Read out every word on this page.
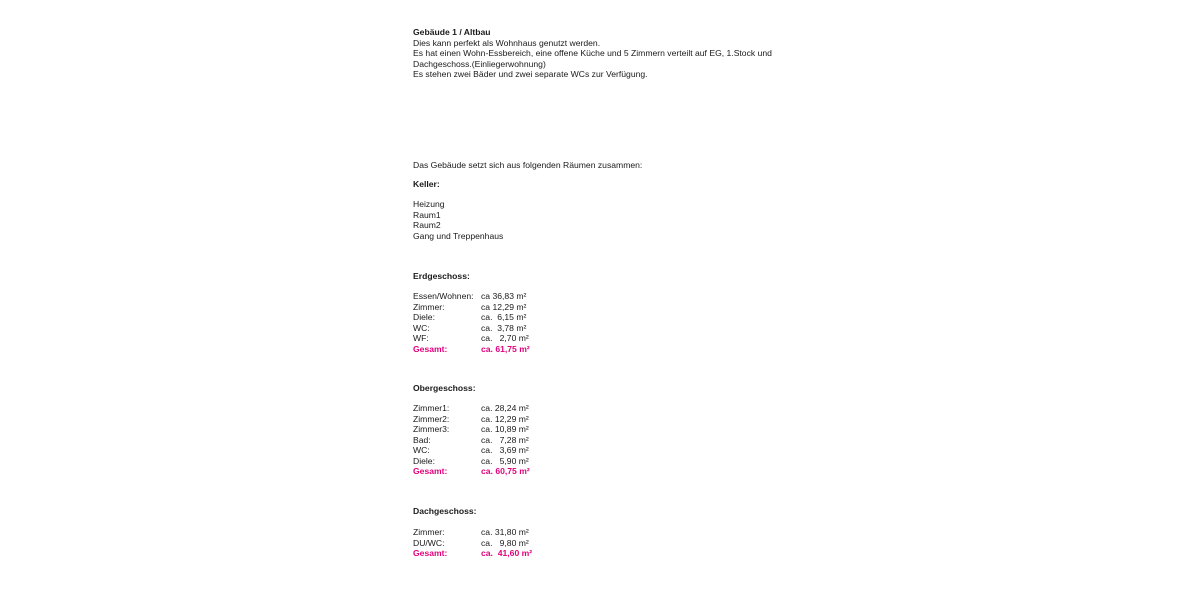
Gebäude 1 / Altbau
Dies kann perfekt als Wohnhaus genutzt werden.
Es hat einen Wohn-Essbereich, eine offene Küche und 5 Zimmern verteilt auf EG, 1.Stock und
Dachgeschoss.(Einliegerwohnung)
Es stehen zwei Bäder und zwei separate WCs zur Verfügung.
Das Gebäude setzt sich aus folgenden Räumen zusammen:
Keller:
Heizung
Raum1
Raum2
Gang und Treppenhaus
Erdgeschoss:
Essen/Wohnen: ca 36,83 m²
Zimmer:	ca 12,29 m²
Diele:	ca.  6,15 m²
WC:	ca.  3,78 m²
WF:	ca.   2,70 m²
Gesamt:	ca. 61,75 m²
Obergeschoss:
Zimmer1:	ca. 28,24 m²
Zimmer2:	ca. 12,29 m²
Zimmer3:	ca. 10,89 m²
Bad:	ca.   7,28 m²
WC:	ca.   3,69 m²
Diele:	ca.   5,90 m²
Gesamt:	ca. 60,75 m²
Dachgeschoss:
Zimmer:	ca. 31,80 m²
DU/WC:	ca.   9,80 m²
Gesamt:	ca.  41,60 m²
